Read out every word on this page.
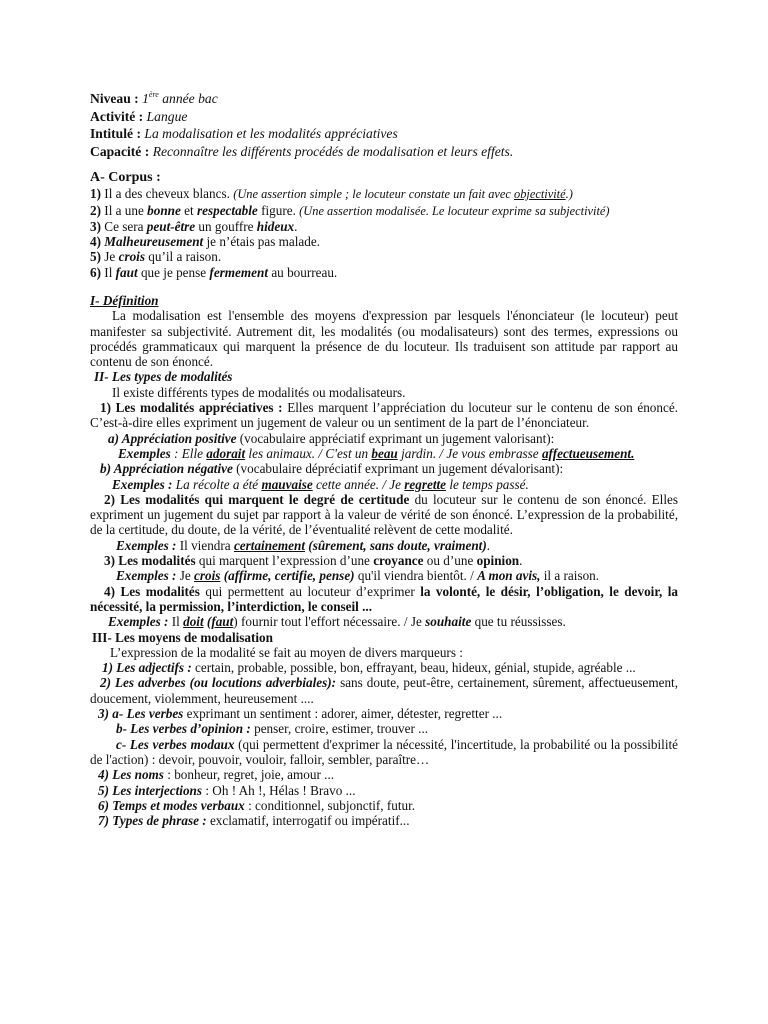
Niveau : 1ère année bac

Activité : Langue

Intitulé : La modalisation et les modalités appréciatives

Capacité : Reconnaître les différents procédés de modalisation et leurs effets.

A- Corpus :

1) Il a des cheveux blancs. (Une assertion simple ; le locuteur constate un fait avec objectivité.)

2) Il a une bonne et respectable figure. (Une assertion modalisée. Le locuteur exprime sa subjectivité)

3) Ce sera peut-être un gouffre hideux.

4) Malheureusement je n’étais pas malade.

5) Je crois qu’il a raison.

6) Il faut que je pense fermement au bourreau.

I- Définition

La modalisation est l'ensemble des moyens d'expression par lesquels l'énonciateur (le locuteur) peut manifester sa subjectivité. Autrement dit, les modalités (ou modalisateurs) sont des termes, expressions ou procédés grammaticaux qui marquent la présence de du locuteur. Ils traduisent son attitude par rapport au contenu de son énoncé.

II- Les types de modalités

Il existe différents types de modalités ou modalisateurs.

1) Les modalités appréciatives : Elles marquent l’appréciation du locuteur sur le contenu de son énoncé. C’est-à-dire elles expriment un jugement de valeur ou un sentiment de la part de l’énonciateur.

a) Appréciation positive (vocabulaire appréciatif exprimant un jugement valorisant):

Exemples : Elle adorait les animaux. / C'est un beau jardin. / Je vous embrasse affectueusement.

b) Appréciation négative (vocabulaire dépréciatif exprimant un jugement dévalorisant):

Exemples : La récolte a été mauvaise cette année. / Je regrette le temps passé.

2) Les modalités qui marquent le degré de certitude du locuteur sur le contenu de son énoncé. Elles expriment un jugement du sujet par rapport à la valeur de vérité de son énoncé. L’expression de la probabilité, de la certitude, du doute, de la vérité, de l’éventualité relèvent de cette modalité.

Exemples : Il viendra certainement (sûrement, sans doute, vraiment).

3) Les modalités qui marquent l’expression d’une croyance ou d’une opinion.

Exemples : Je crois (affirme, certifie, pense) qu'il viendra bientôt. / A mon avis, il a raison.

4) Les modalités qui permettent au locuteur d’exprimer la volonté, le désir, l’obligation, le devoir, la nécessité, la permission, l’interdiction, le conseil ...

Exemples : Il doit (faut) fournir tout l'effort nécessaire. / Je souhaite que tu réussisses.

III- Les moyens de modalisation

L’expression de la modalité se fait au moyen de divers marqueurs :

1) Les adjectifs : certain, probable, possible, bon, effrayant, beau, hideux, génial, stupide, agréable ...

2) Les adverbes (ou locutions adverbiales): sans doute, peut-être, certainement, sûrement, affectueusement, doucement, violemment, heureusement ....

3) a- Les verbes exprimant un sentiment : adorer, aimer, détester, regretter ...

b- Les verbes d’opinion : penser, croire, estimer, trouver ...

c- Les verbes modaux (qui permettent d'exprimer la nécessité, l'incertitude, la probabilité ou la possibilité de l'action) : devoir, pouvoir, vouloir, falloir, sembler, paraître…

4) Les noms : bonheur, regret, joie, amour ...

5) Les interjections : Oh ! Ah !, Hélas ! Bravo ...

6) Temps et modes verbaux : conditionnel, subjonctif, futur.

7) Types de phrase : exclamatif, interrogatif ou impératif...
